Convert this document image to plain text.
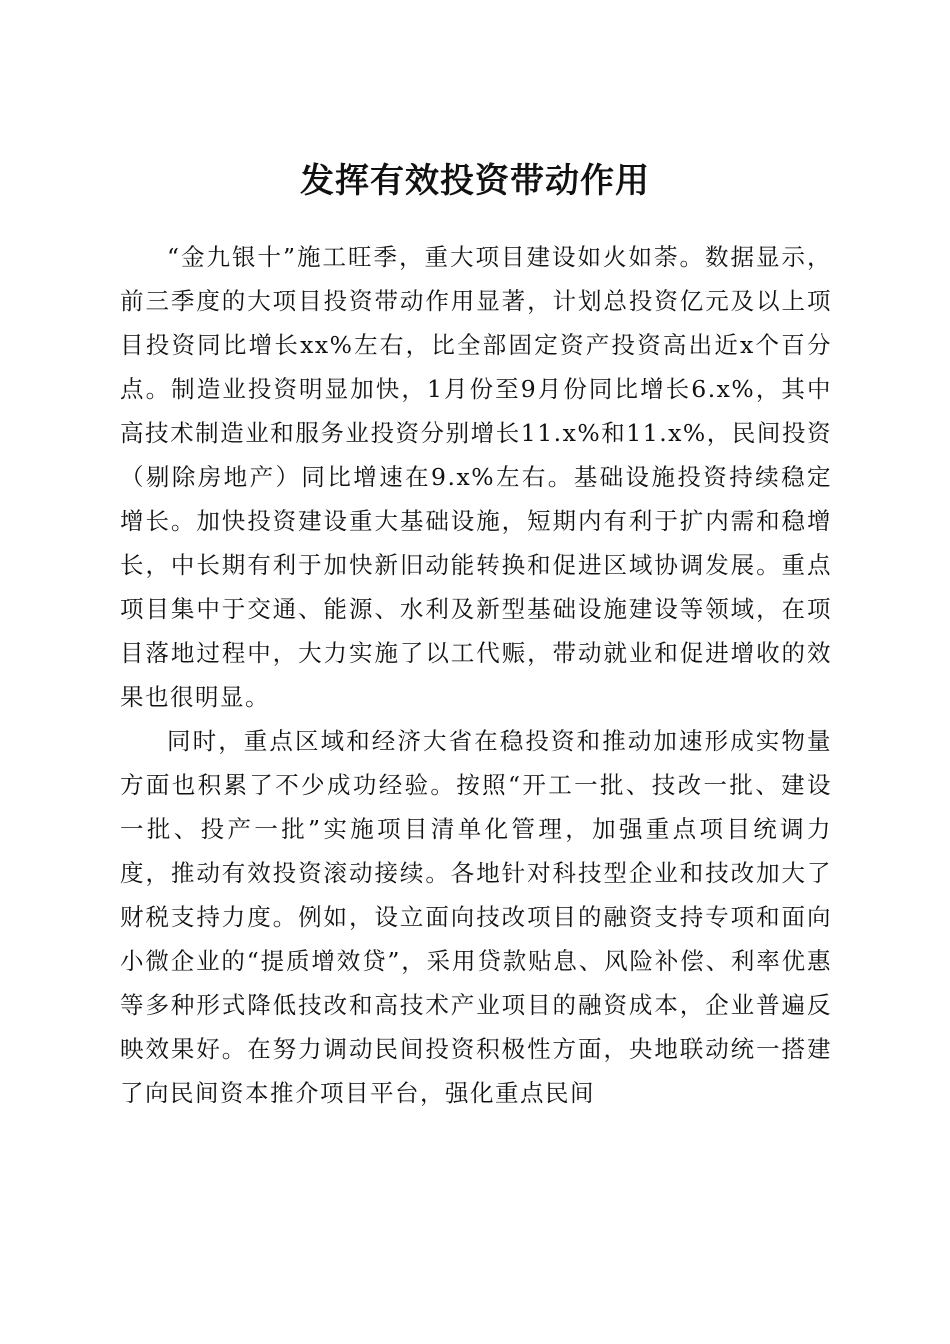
发挥有效投资带动作用

“金九银十”施工旺季，重大项目建设如火如荼。数据显示，前三季度的大项目投资带动作用显著，计划总投资亿元及以上项目投资同比增长xx%左右，比全部固定资产投资高出近x个百分点。制造业投资明显加快，1月份至9月份同比增长6.x%，其中高技术制造业和服务业投资分别增长11.x%和11.x%，民间投资（剔除房地产）同比增速在9.x%左右。基础设施投资持续稳定增长。加快投资建设重大基础设施，短期内有利于扩内需和稳增长，中长期有利于加快新旧动能转换和促进区域协调发展。重点项目集中于交通、能源、水利及新型基础设施建设等领域，在项目落地过程中，大力实施了以工代赈，带动就业和促进增收的效果也很明显。

同时，重点区域和经济大省在稳投资和推动加速形成实物量方面也积累了不少成功经验。按照“开工一批、技改一批、建设一批、投产一批”实施项目清单化管理，加强重点项目统调力度，推动有效投资滚动接续。各地针对科技型企业和技改加大了财税支持力度。例如，设立面向技改项目的融资支持专项和面向小微企业的“提质增效贷”，采用贷款贴息、风险补偿、利率优惠等多种形式降低技改和高技术产业项目的融资成本，企业普遍反映效果好。在努力调动民间投资积极性方面，央地联动统一搭建了向民间资本推介项目平台，强化重点民间
